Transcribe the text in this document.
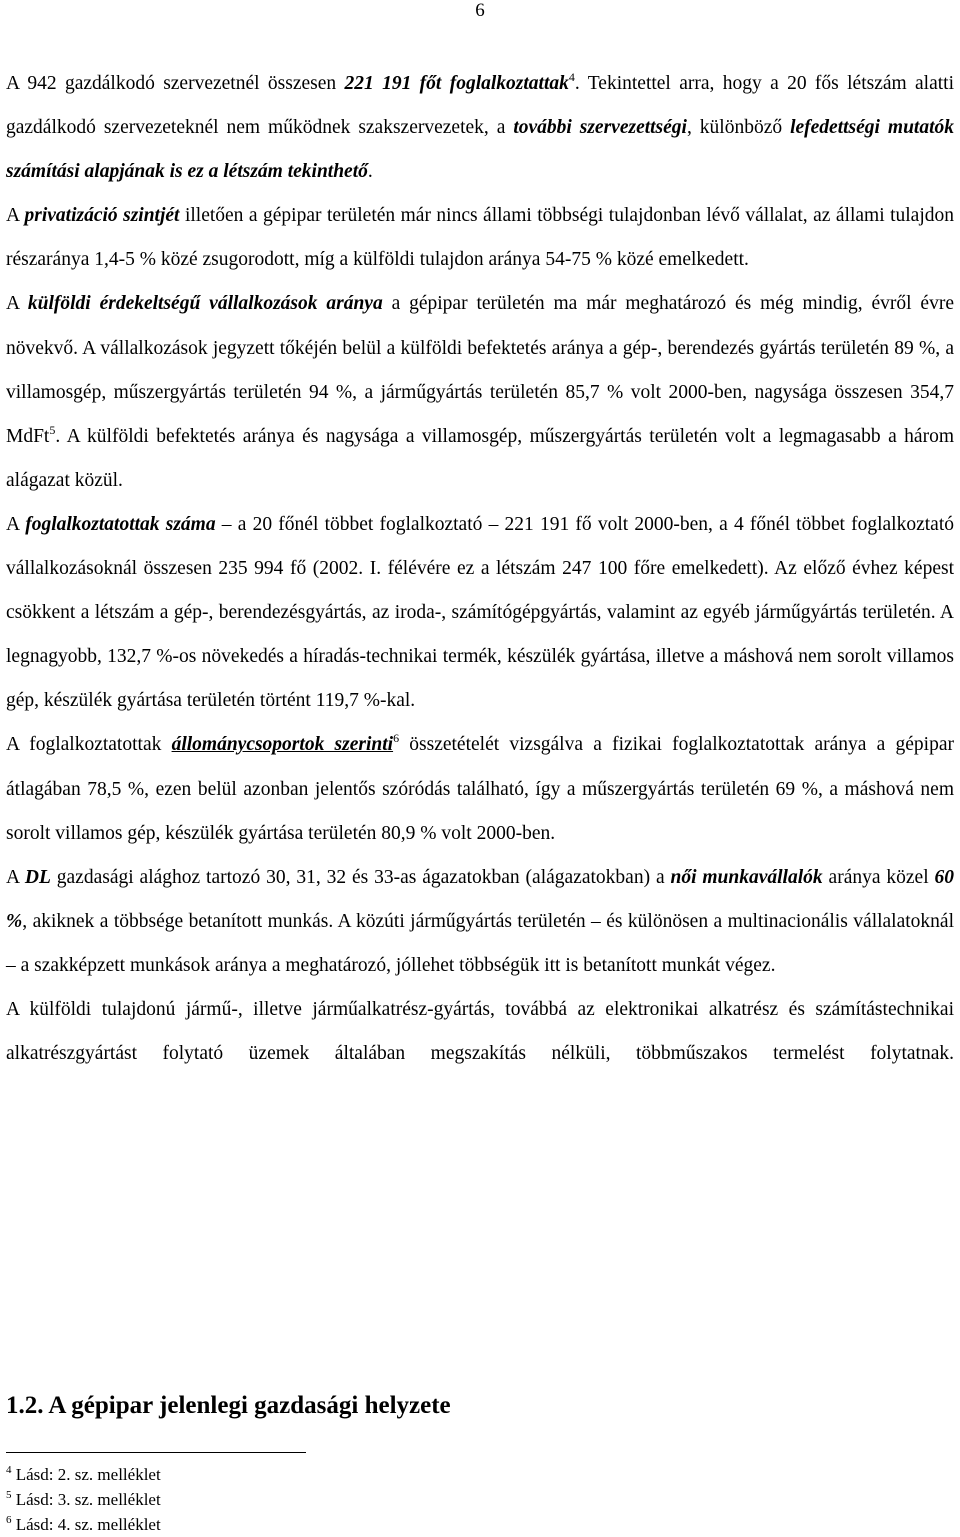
6

A 942 gazdálkodó szervezetnél összesen 221 191 főt foglalkoztattak$^4$. Tekintettel arra, hogy a 20 fős létszám alatti gazdálkodó szervezeteknél nem működnek szakszervezetek, a további szervezettségi, különböző lefedettségi mutatók számítási alapjának is ez a létszám tekinthető.

A privatizáció szintjét illetően a gépipar területén már nincs állami többségi tulajdonban lévő vállalat, az állami tulajdon részaránya 1,4-5 % közé zsugorodott, míg a külföldi tulajdon aránya 54-75 % közé emelkedett.

A külföldi érdekeltségű vállalkozások aránya a gépipar területén ma már meghatározó és még mindig, évről évre növekvő. A vállalkozások jegyzett tőkéjén belül a külföldi befektetés aránya a gép-, berendezés gyártás területén 89 %, a villamosgép, műszergyártás területén 94 %, a járműgyártás területén 85,7 % volt 2000-ben, nagysága összesen 354,7 MdFt$^5$. A külföldi befektetés aránya és nagysága a villamosgép, műszergyártás területén volt a legmagasabb a három alágazat közül.

A foglalkoztatottak száma – a 20 főnél többet foglalkoztató – 221 191 fő volt 2000-ben, a 4 főnél többet foglalkoztató vállalkozásoknál összesen 235 994 fő (2002. I. félévére ez a létszám 247 100 főre emelkedett). Az előző évhez képest csökkent a létszám a gép-, berendezésgyártás, az iroda-, számítógépgyártás, valamint az egyéb járműgyártás területén. A legnagyobb, 132,7 %-os növekedés a híradás-technikai termék, készülék gyártása, illetve a máshová nem sorolt villamos gép, készülék gyártása területén történt 119,7 %-kal.

A foglalkoztatottak állománycsoportok szerinti$^6$ összetételét vizsgálva a fizikai foglalkoztatottak aránya a gépipar átlagában 78,5 %, ezen belül azonban jelentős szóródás található, így a műszergyártás területén 69 %, a máshová nem sorolt villamos gép, készülék gyártása területén 80,9 % volt 2000-ben.

A DL gazdasági alághoz tartozó 30, 31, 32 és 33-as ágazatokban (alágazatokban) a női munkavállalók aránya közel 60 %, akiknek a többsége betanított munkás. A közúti járműgyártás területén – és különösen a multinacionális vállalatoknál – a szakképzett munkások aránya a meghatározó, jóllehet többségük itt is betanított munkát végez.

A külföldi tulajdonú jármű-, illetve járműalkatrész-gyártás, továbbá az elektronikai alkatrész és számítástechnikai alkatrészgyártást folytató üzemek általában megszakítás nélküli, többműszakos termelést folytatnak.

1.2. A gépipar jelenlegi gazdasági helyzete
$^4$ Lásd: 2. sz. melléklet
$^5$ Lásd: 3. sz. melléklet
$^6$ Lásd: 4. sz. melléklet
